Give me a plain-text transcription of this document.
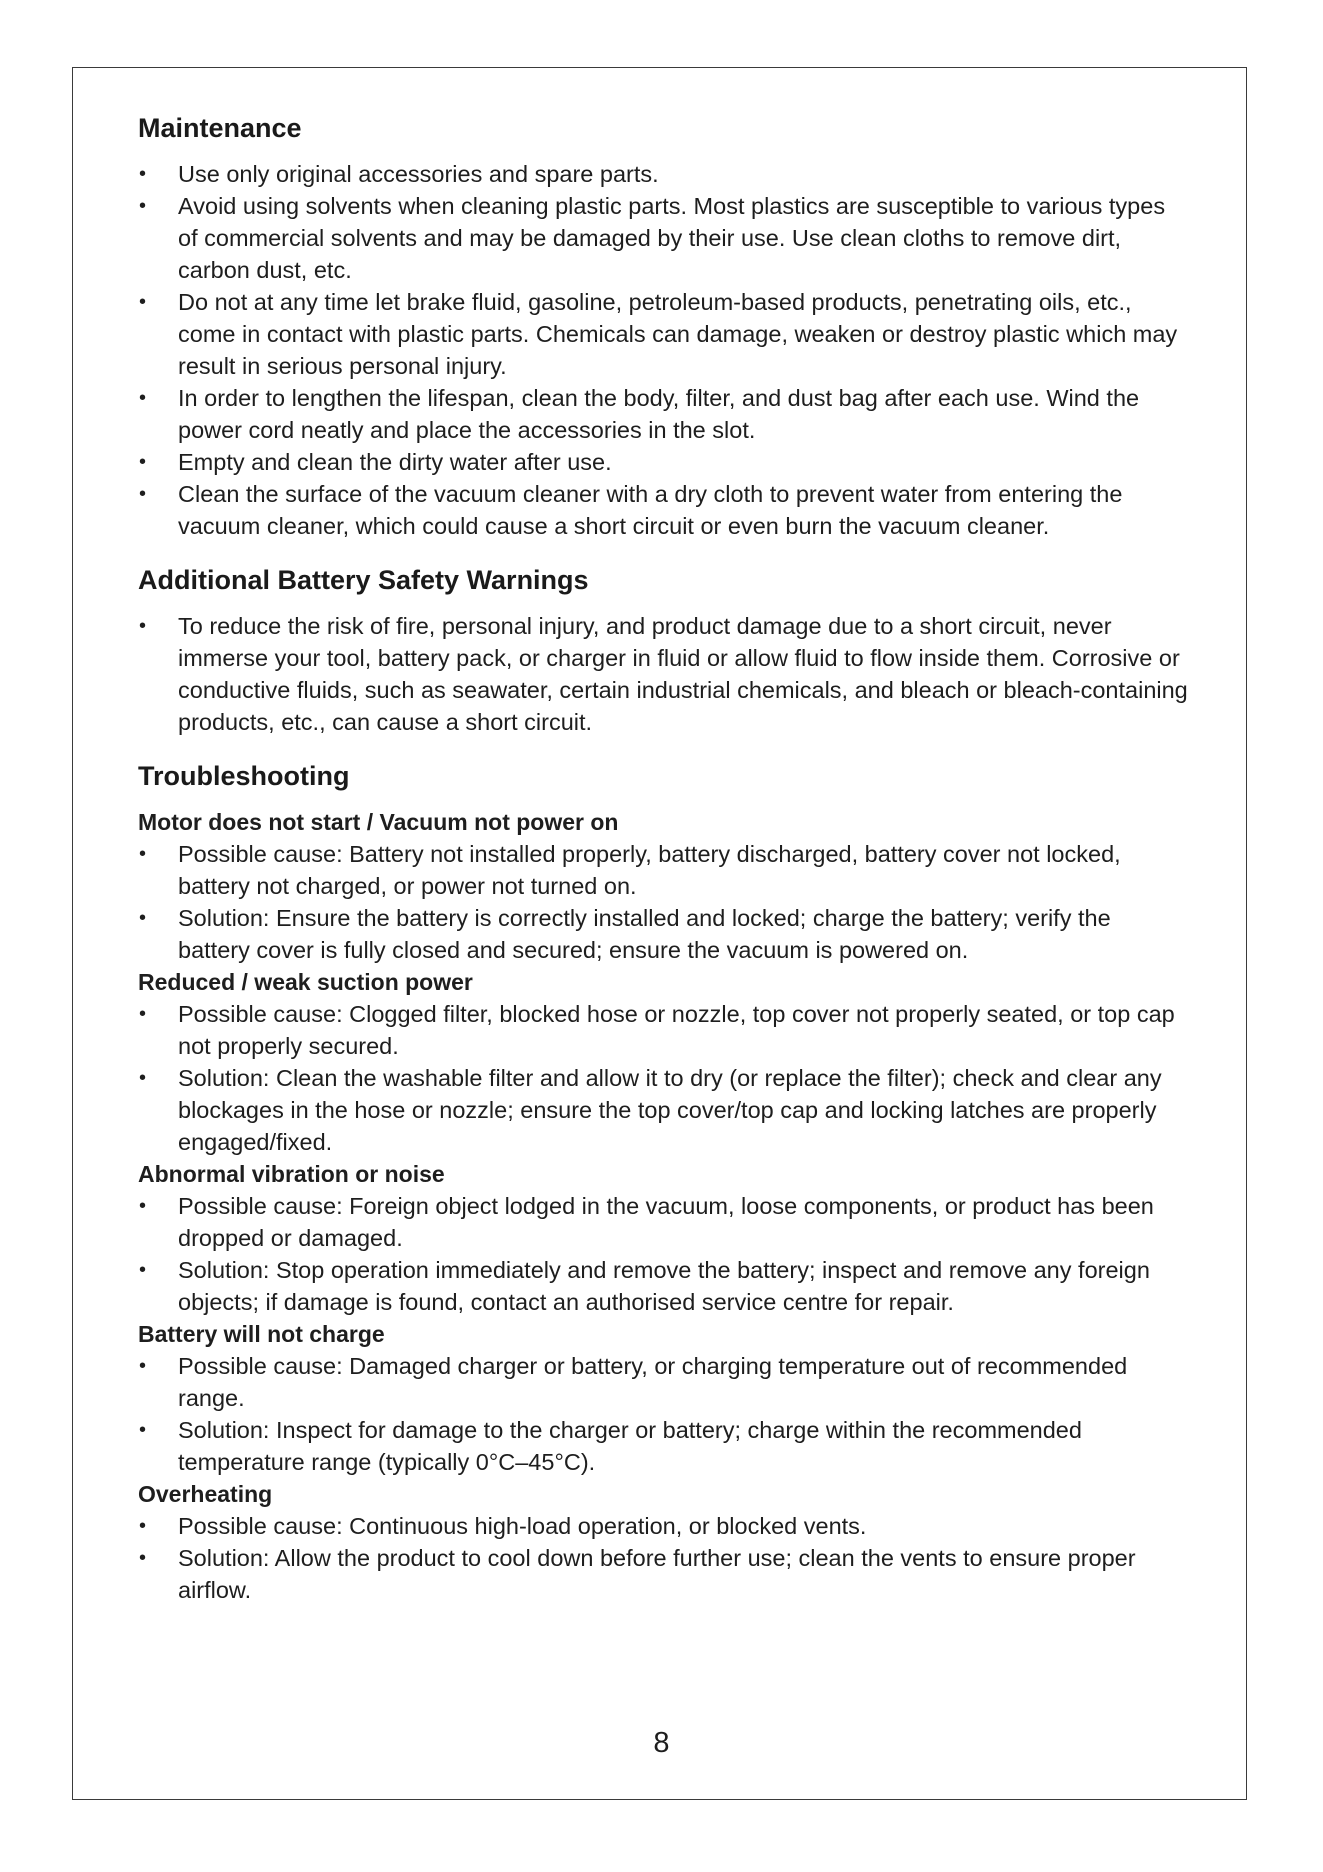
Maintenance
• Use only original accessories and spare parts.
• Avoid using solvents when cleaning plastic parts. Most plastics are susceptible to various types of commercial solvents and may be damaged by their use. Use clean cloths to remove dirt, carbon dust, etc.
• Do not at any time let brake fluid, gasoline, petroleum-based products, penetrating oils, etc., come in contact with plastic parts. Chemicals can damage, weaken or destroy plastic which may result in serious personal injury.
• In order to lengthen the lifespan, clean the body, filter, and dust bag after each use. Wind the power cord neatly and place the accessories in the slot.
• Empty and clean the dirty water after use.
• Clean the surface of the vacuum cleaner with a dry cloth to prevent water from entering the vacuum cleaner, which could cause a short circuit or even burn the vacuum cleaner.
Additional Battery Safety Warnings
• To reduce the risk of fire, personal injury, and product damage due to a short circuit, never immerse your tool, battery pack, or charger in fluid or allow fluid to flow inside them. Corrosive or conductive fluids, such as seawater, certain industrial chemicals, and bleach or bleach-containing products, etc., can cause a short circuit.
Troubleshooting

Motor does not start / Vacuum not power on

• Possible cause: Battery not installed properly, battery discharged, battery cover not locked, battery not charged, or power not turned on.
• Solution: Ensure the battery is correctly installed and locked; charge the battery; verify the battery cover is fully closed and secured; ensure the vacuum is powered on.

Reduced / weak suction power

• Possible cause: Clogged filter, blocked hose or nozzle, top cover not properly seated, or top cap not properly secured.
• Solution: Clean the washable filter and allow it to dry (or replace the filter); check and clear any blockages in the hose or nozzle; ensure the top cover/top cap and locking latches are properly engaged/fixed.

Abnormal vibration or noise

• Possible cause: Foreign object lodged in the vacuum, loose components, or product has been dropped or damaged.
• Solution: Stop operation immediately and remove the battery; inspect and remove any foreign objects; if damage is found, contact an authorised service centre for repair.

Battery will not charge

• Possible cause: Damaged charger or battery, or charging temperature out of recommended range.
• Solution: Inspect for damage to the charger or battery; charge within the recommended temperature range (typically 0°C–45°C).

Overheating

• Possible cause: Continuous high-load operation, or blocked vents.
• Solution: Allow the product to cool down before further use; clean the vents to ensure proper airflow.
8
